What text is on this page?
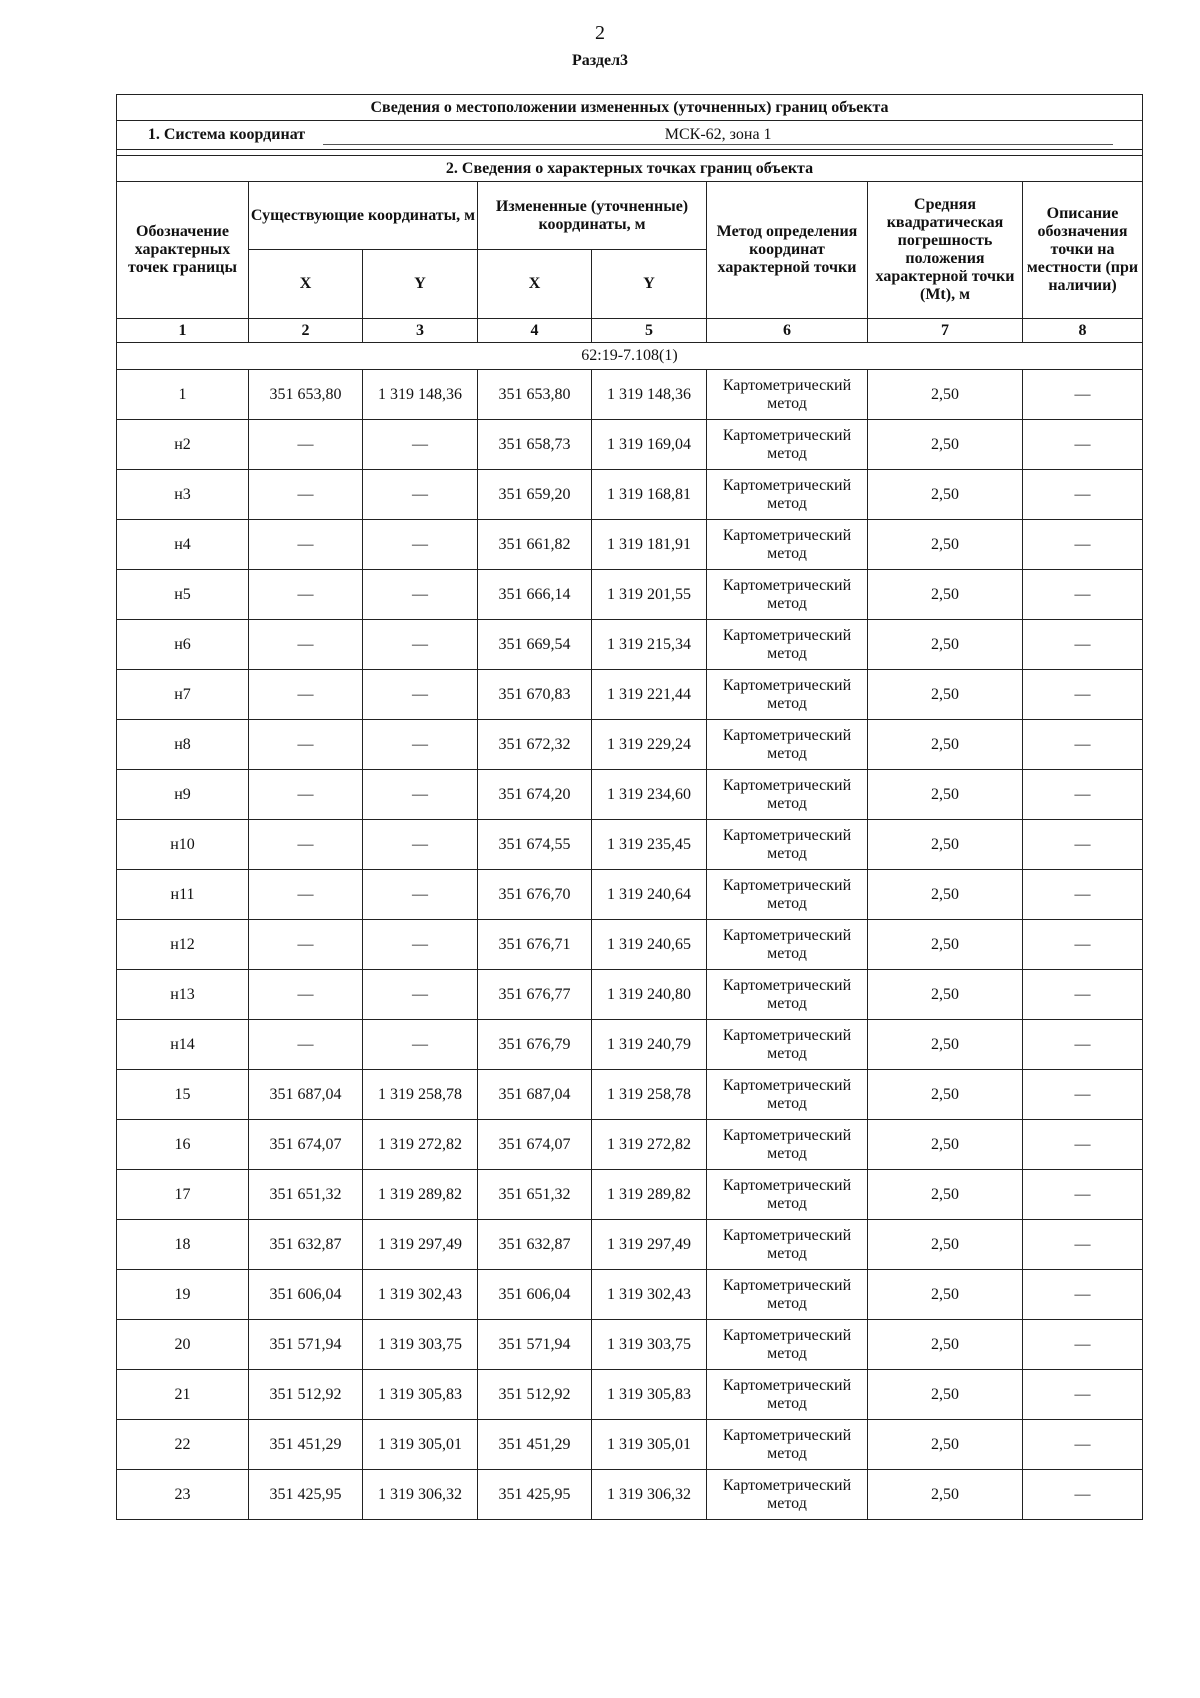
2
Раздел3
Сведения о местоположении измененных (уточненных) границ объекта							
1. Система координат МСК-62, зона 1							

2. Сведения о характерных точках границ объекта							
Обозначение характерных точек границы	Существующие координаты, м		Измененные (уточненные) координаты, м		Метод определения координат характерной точки	Средняя квадратическая погрешность положения характерной точки (Mt), м	Описание обозначения точки на местности (при наличии)
	X	Y	X	Y			
1	2	3	4	5	6	7	8
62:19-7.108(1)							
1	351 653,80	1 319 148,36	351 653,80	1 319 148,36	Картометрический метод	2,50	—
н2	—	—	351 658,73	1 319 169,04	Картометрический метод	2,50	—
н3	—	—	351 659,20	1 319 168,81	Картометрический метод	2,50	—
н4	—	—	351 661,82	1 319 181,91	Картометрический метод	2,50	—
н5	—	—	351 666,14	1 319 201,55	Картометрический метод	2,50	—
н6	—	—	351 669,54	1 319 215,34	Картометрический метод	2,50	—
н7	—	—	351 670,83	1 319 221,44	Картометрический метод	2,50	—
н8	—	—	351 672,32	1 319 229,24	Картометрический метод	2,50	—
н9	—	—	351 674,20	1 319 234,60	Картометрический метод	2,50	—
н10	—	—	351 674,55	1 319 235,45	Картометрический метод	2,50	—
н11	—	—	351 676,70	1 319 240,64	Картометрический метод	2,50	—
н12	—	—	351 676,71	1 319 240,65	Картометрический метод	2,50	—
н13	—	—	351 676,77	1 319 240,80	Картометрический метод	2,50	—
н14	—	—	351 676,79	1 319 240,79	Картометрический метод	2,50	—
15	351 687,04	1 319 258,78	351 687,04	1 319 258,78	Картометрический метод	2,50	—
16	351 674,07	1 319 272,82	351 674,07	1 319 272,82	Картометрический метод	2,50	—
17	351 651,32	1 319 289,82	351 651,32	1 319 289,82	Картометрический метод	2,50	—
18	351 632,87	1 319 297,49	351 632,87	1 319 297,49	Картометрический метод	2,50	—
19	351 606,04	1 319 302,43	351 606,04	1 319 302,43	Картометрический метод	2,50	—
20	351 571,94	1 319 303,75	351 571,94	1 319 303,75	Картометрический метод	2,50	—
21	351 512,92	1 319 305,83	351 512,92	1 319 305,83	Картометрический метод	2,50	—
22	351 451,29	1 319 305,01	351 451,29	1 319 305,01	Картометрический метод	2,50	—
23	351 425,95	1 319 306,32	351 425,95	1 319 306,32	Картометрический метод	2,50	—
